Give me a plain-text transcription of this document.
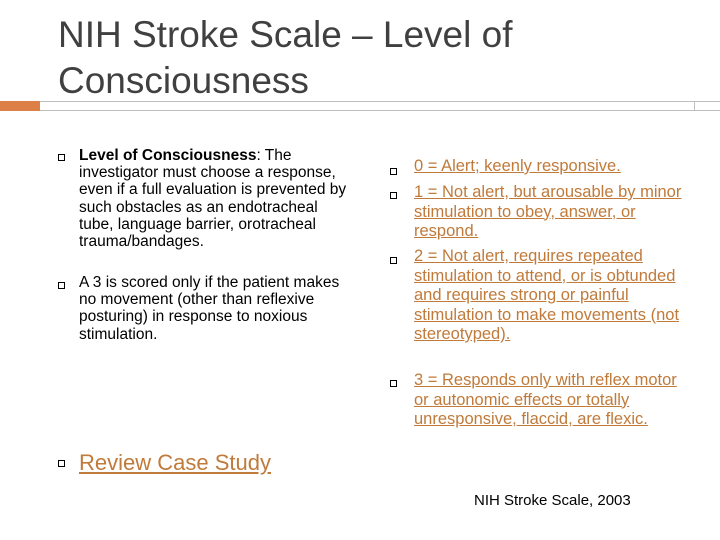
NIH Stroke Scale – Level of Consciousness
Level of Consciousness: The investigator must choose a response, even if a full evaluation is prevented by such obstacles as an endotracheal tube, language barrier, orotracheal trauma/bandages.
A 3 is scored only if the patient makes no movement (other than reflexive posturing) in response to noxious stimulation.
Review Case Study
0 = Alert; keenly responsive.
1 = Not alert, but arousable by minor stimulation to obey, answer, or respond.
2 = Not alert, requires repeated stimulation to attend, or is obtunded and requires strong or painful stimulation to make movements (not stereotyped).
3 = Responds only with reflex motor or autonomic effects or totally unresponsive, flaccid, are flexic.
NIH Stroke Scale, 2003
